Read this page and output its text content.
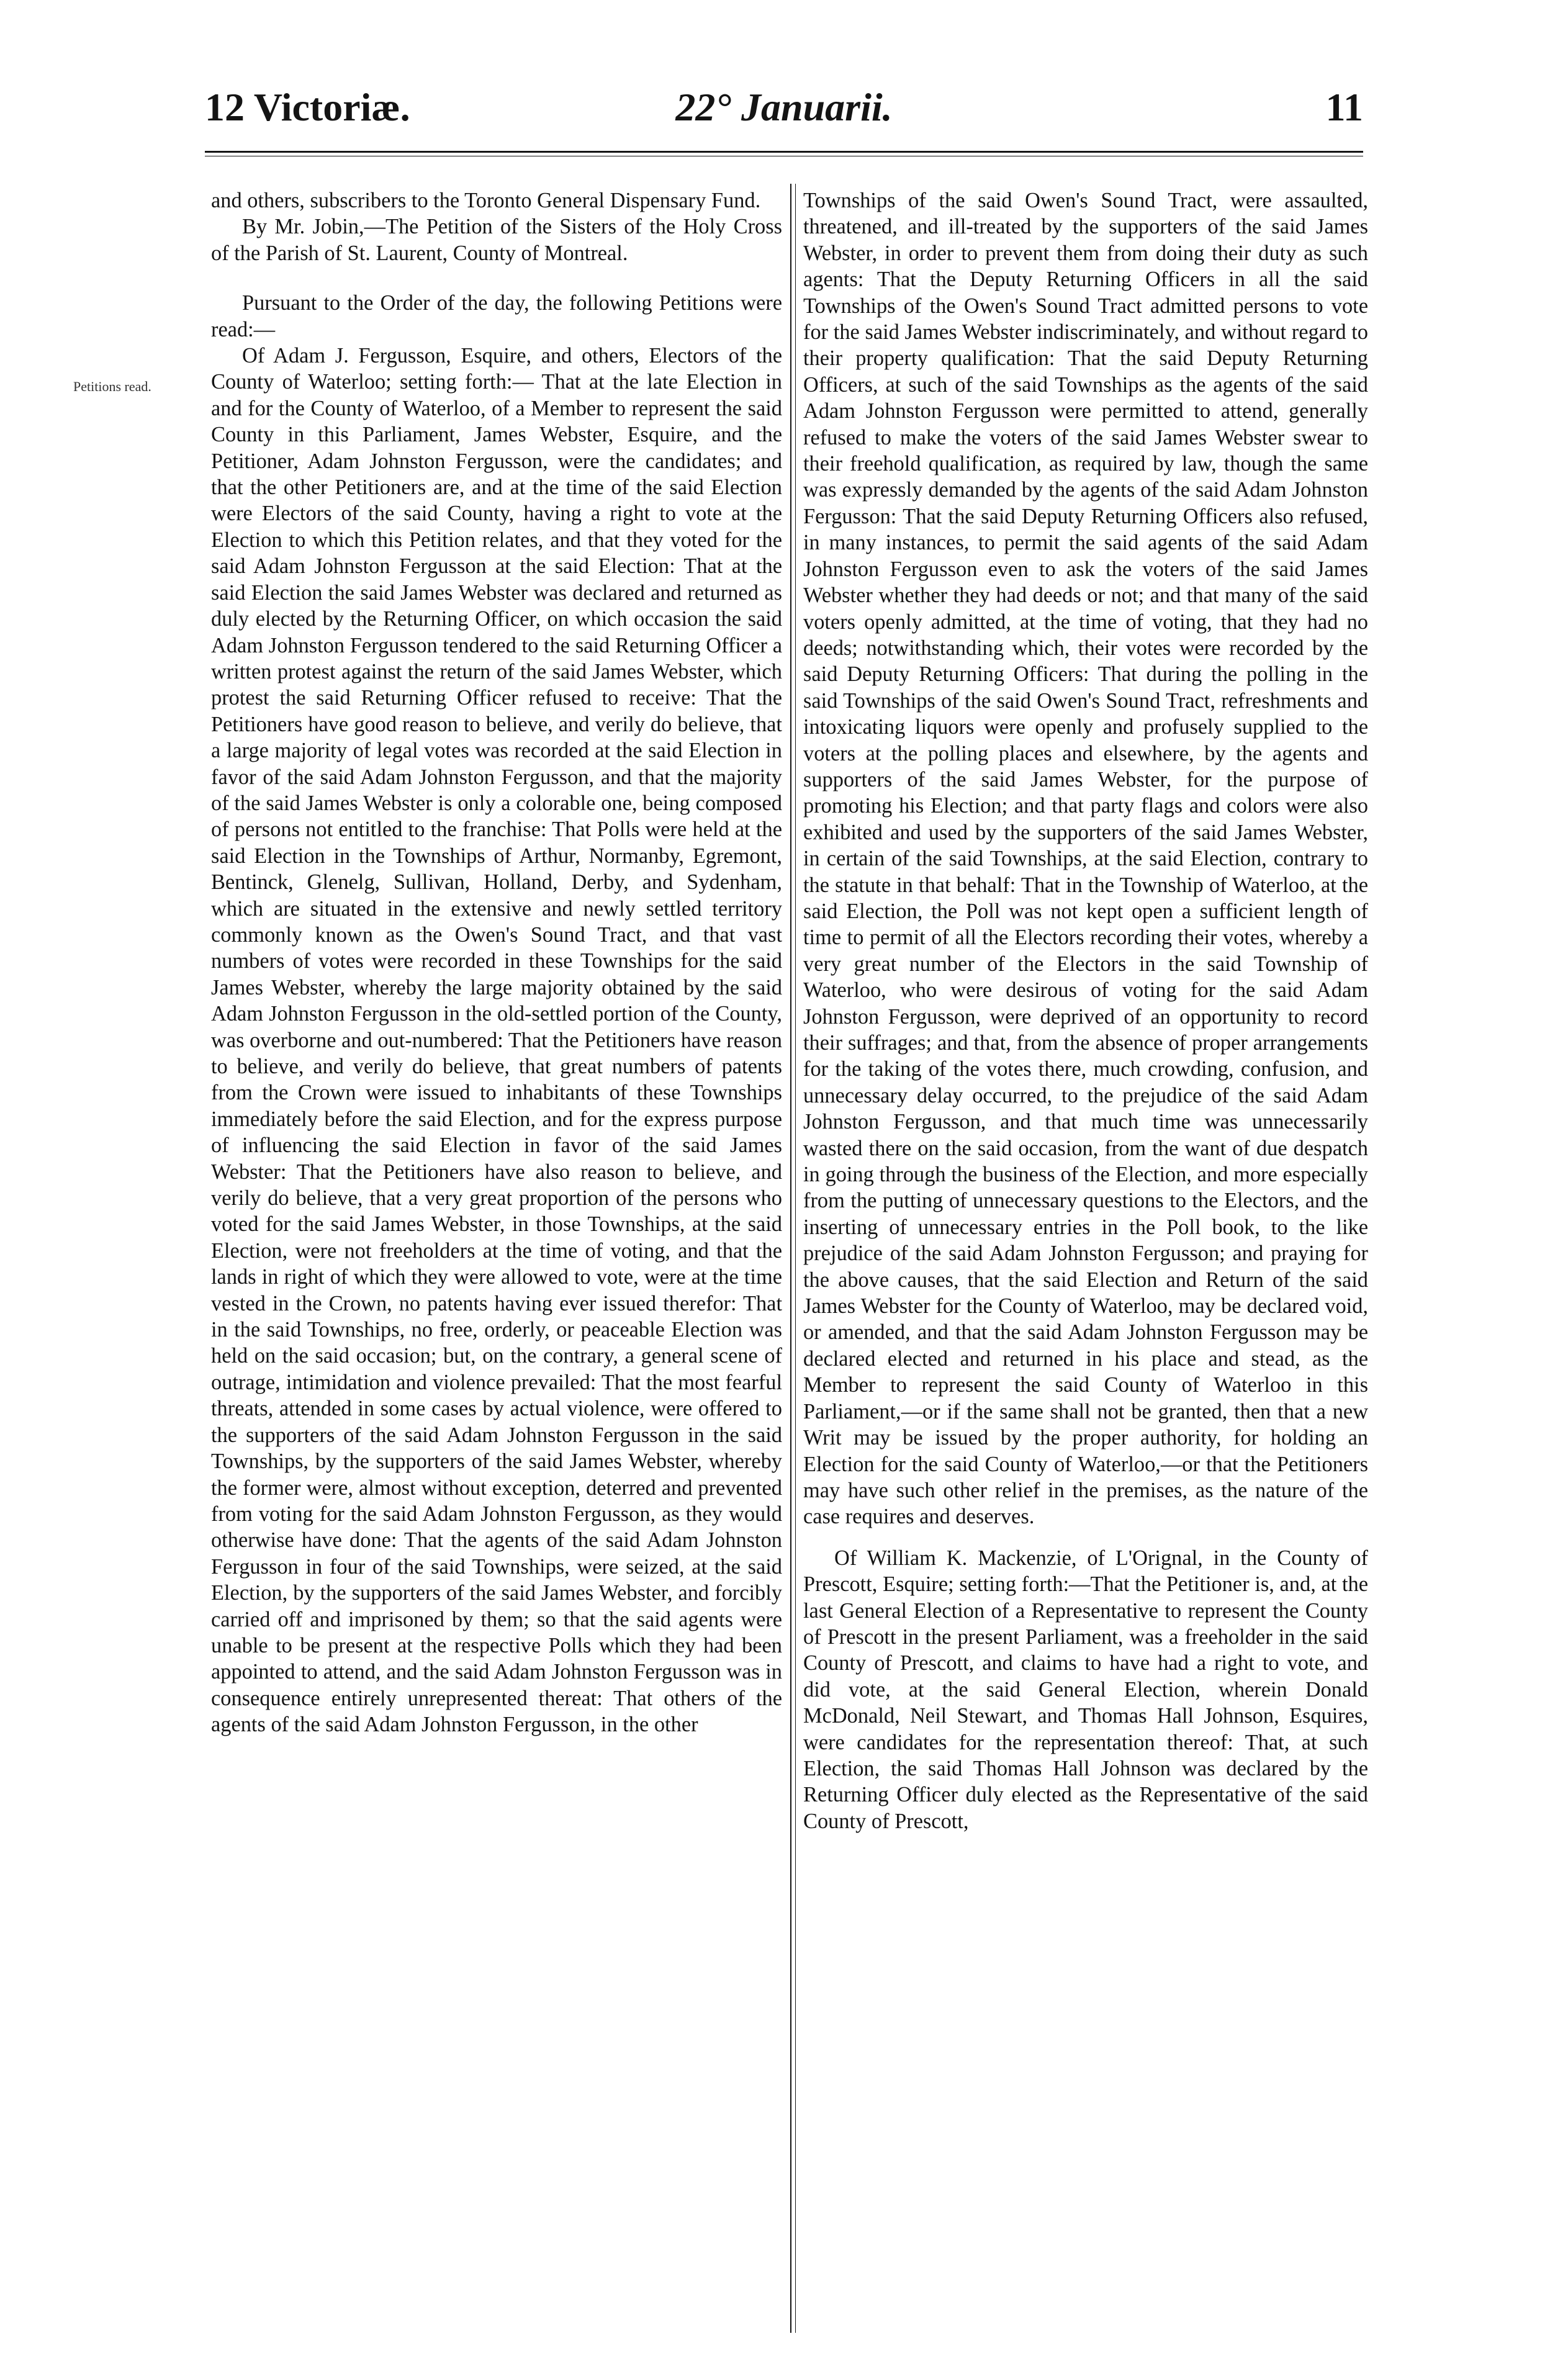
12 Victoriæ.	22° Januarii.	11
Petitions read.

and others, subscribers to the Toronto General Dispensary Fund.

By Mr. Jobin,—The Petition of the Sisters of the Holy Cross of the Parish of St. Laurent, County of Montreal.

Pursuant to the Order of the day, the following Petitions were read:—

Of Adam J. Fergusson, Esquire, and others, Electors of the County of Waterloo; setting forth:— That at the late Election in and for the County of Waterloo, of a Member to represent the said County in this Parliament, James Webster, Esquire, and the Petitioner, Adam Johnston Fergusson, were the candidates; and that the other Petitioners are, and at the time of the said Election were Electors of the said County, having a right to vote at the Election to which this Petition relates, and that they voted for the said Adam Johnston Fergusson at the said Election: That at the said Election the said James Webster was declared and returned as duly elected by the Returning Officer, on which occasion the said Adam Johnston Fergusson tendered to the said Returning Officer a written protest against the return of the said James Webster, which protest the said Returning Officer refused to receive: That the Petitioners have good reason to believe, and verily do believe, that a large majority of legal votes was recorded at the said Election in favor of the said Adam Johnston Fergusson, and that the majority of the said James Webster is only a colorable one, being composed of persons not entitled to the franchise: That Polls were held at the said Election in the Townships of Arthur, Normanby, Egremont, Bentinck, Glenelg, Sullivan, Holland, Derby, and Sydenham, which are situated in the extensive and newly settled territory commonly known as the Owen's Sound Tract, and that vast numbers of votes were recorded in these Townships for the said James Webster, whereby the large majority obtained by the said Adam Johnston Fergusson in the old-settled portion of the County, was overborne and out-numbered: That the Petitioners have reason to believe, and verily do believe, that great numbers of patents from the Crown were issued to inhabitants of these Townships immediately before the said Election, and for the express purpose of influencing the said Election in favor of the said James Webster: That the Petitioners have also reason to believe, and verily do believe, that a very great proportion of the persons who voted for the said James Webster, in those Townships, at the said Election, were not freeholders at the time of voting, and that the lands in right of which they were allowed to vote, were at the time vested in the Crown, no patents having ever issued therefor: That in the said Townships, no free, orderly, or peaceable Election was held on the said occasion; but, on the contrary, a general scene of outrage, intimidation and violence prevailed: That the most fearful threats, attended in some cases by actual violence, were offered to the supporters of the said Adam Johnston Fergusson in the said Townships, by the supporters of the said James Webster, whereby the former were, almost without exception, deterred and prevented from voting for the said Adam Johnston Fergusson, as they would otherwise have done: That the agents of the said Adam Johnston Fergusson in four of the said Townships, were seized, at the said Election, by the supporters of the said James Webster, and forcibly carried off and imprisoned by them; so that the said agents were unable to be present at the respective Polls which they had been appointed to attend, and the said Adam Johnston Fergusson was in consequence entirely unrepresented thereat: That others of the agents of the said Adam Johnston Fergusson, in the other

Townships of the said Owen's Sound Tract, were assaulted, threatened, and ill-treated by the supporters of the said James Webster, in order to prevent them from doing their duty as such agents: That the Deputy Returning Officers in all the said Townships of the Owen's Sound Tract admitted persons to vote for the said James Webster indiscriminately, and without regard to their property qualification: That the said Deputy Returning Officers, at such of the said Townships as the agents of the said Adam Johnston Fergusson were permitted to attend, generally refused to make the voters of the said James Webster swear to their freehold qualification, as required by law, though the same was expressly demanded by the agents of the said Adam Johnston Fergusson: That the said Deputy Returning Officers also refused, in many instances, to permit the said agents of the said Adam Johnston Fergusson even to ask the voters of the said James Webster whether they had deeds or not; and that many of the said voters openly admitted, at the time of voting, that they had no deeds; notwithstanding which, their votes were recorded by the said Deputy Returning Officers: That during the polling in the said Townships of the said Owen's Sound Tract, refreshments and intoxicating liquors were openly and profusely supplied to the voters at the polling places and elsewhere, by the agents and supporters of the said James Webster, for the purpose of promoting his Election; and that party flags and colors were also exhibited and used by the supporters of the said James Webster, in certain of the said Townships, at the said Election, contrary to the statute in that behalf: That in the Township of Waterloo, at the said Election, the Poll was not kept open a sufficient length of time to permit of all the Electors recording their votes, whereby a very great number of the Electors in the said Township of Waterloo, who were desirous of voting for the said Adam Johnston Fergusson, were deprived of an opportunity to record their suffrages; and that, from the absence of proper arrangements for the taking of the votes there, much crowding, confusion, and unnecessary delay occurred, to the prejudice of the said Adam Johnston Fergusson, and that much time was unnecessarily wasted there on the said occasion, from the want of due despatch in going through the business of the Election, and more especially from the putting of unnecessary questions to the Electors, and the inserting of unnecessary entries in the Poll book, to the like prejudice of the said Adam Johnston Fergusson; and praying for the above causes, that the said Election and Return of the said James Webster for the County of Waterloo, may be declared void, or amended, and that the said Adam Johnston Fergusson may be declared elected and returned in his place and stead, as the Member to represent the said County of Waterloo in this Parliament,—or if the same shall not be granted, then that a new Writ may be issued by the proper authority, for holding an Election for the said County of Waterloo,—or that the Petitioners may have such other relief in the premises, as the nature of the case requires and deserves.

Of William K. Mackenzie, of L'Orignal, in the County of Prescott, Esquire; setting forth:—That the Petitioner is, and, at the last General Election of a Representative to represent the County of Prescott in the present Parliament, was a freeholder in the said County of Prescott, and claims to have had a right to vote, and did vote, at the said General Election, wherein Donald McDonald, Neil Stewart, and Thomas Hall Johnson, Esquires, were candidates for the representation thereof: That, at such Election, the said Thomas Hall Johnson was declared by the Returning Officer duly elected as the Representative of the said County of Prescott,
